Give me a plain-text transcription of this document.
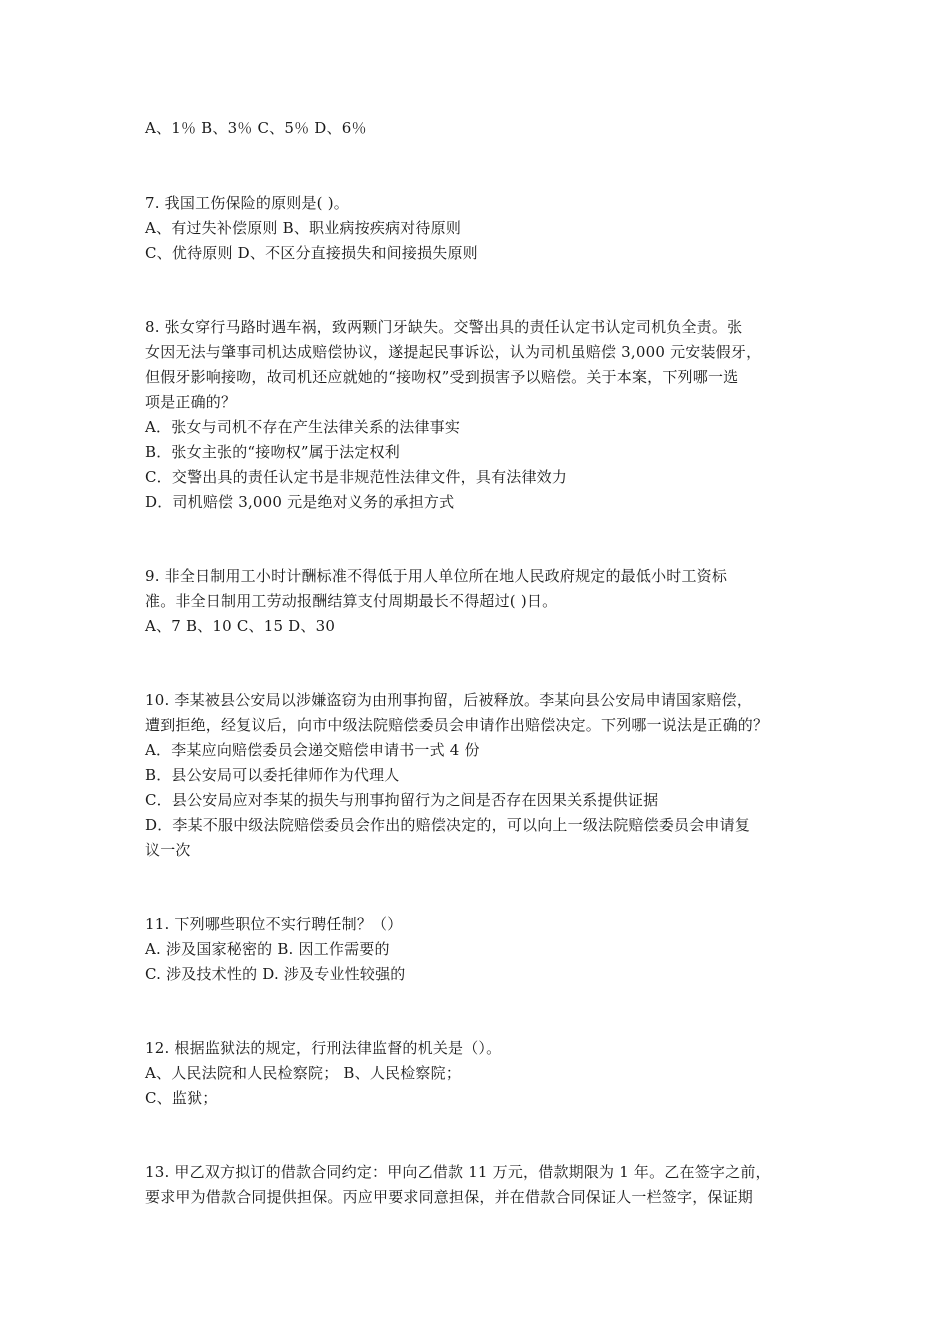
A、1％ B、3％ C、5％ D、6％
7. 我国工伤保险的原则是( )。
A、有过失补偿原则 B、职业病按疾病对待原则
C、优待原则 D、不区分直接损失和间接损失原则
8. 张女穿行马路时遇车祸，致两颗门牙缺失。交警出具的责任认定书认定司机负全责。张
女因无法与肇事司机达成赔偿协议，遂提起民事诉讼，认为司机虽赔偿 3,000 元安装假牙，
但假牙影响接吻，故司机还应就她的“接吻权”受到损害予以赔偿。关于本案，下列哪一选
项是正确的？
A．张女与司机不存在产生法律关系的法律事实
B．张女主张的“接吻权”属于法定权利
C．交警出具的责任认定书是非规范性法律文件，具有法律效力
D．司机赔偿 3,000 元是绝对义务的承担方式
9. 非全日制用工小时计酬标准不得低于用人单位所在地人民政府规定的最低小时工资标
准。非全日制用工劳动报酬结算支付周期最长不得超过( )日。
A、7 B、10 C、15 D、30
10. 李某被县公安局以涉嫌盗窃为由刑事拘留，后被释放。李某向县公安局申请国家赔偿，
遭到拒绝，经复议后，向市中级法院赔偿委员会申请作出赔偿决定。下列哪一说法是正确的？
A．李某应向赔偿委员会递交赔偿申请书一式 4 份
B．县公安局可以委托律师作为代理人
C．县公安局应对李某的损失与刑事拘留行为之间是否存在因果关系提供证据
D．李某不服中级法院赔偿委员会作出的赔偿决定的，可以向上一级法院赔偿委员会申请复
议一次
11. 下列哪些职位不实行聘任制？（）
A. 涉及国家秘密的 B. 因工作需要的
C. 涉及技术性的 D. 涉及专业性较强的
12. 根据监狱法的规定，行刑法律监督的机关是（）。
A、人民法院和人民检察院； B、人民检察院；
C、监狱；
13. 甲乙双方拟订的借款合同约定：甲向乙借款 11 万元，借款期限为 1 年。乙在签字之前，
要求甲为借款合同提供担保。丙应甲要求同意担保，并在借款合同保证人一栏签字，保证期
